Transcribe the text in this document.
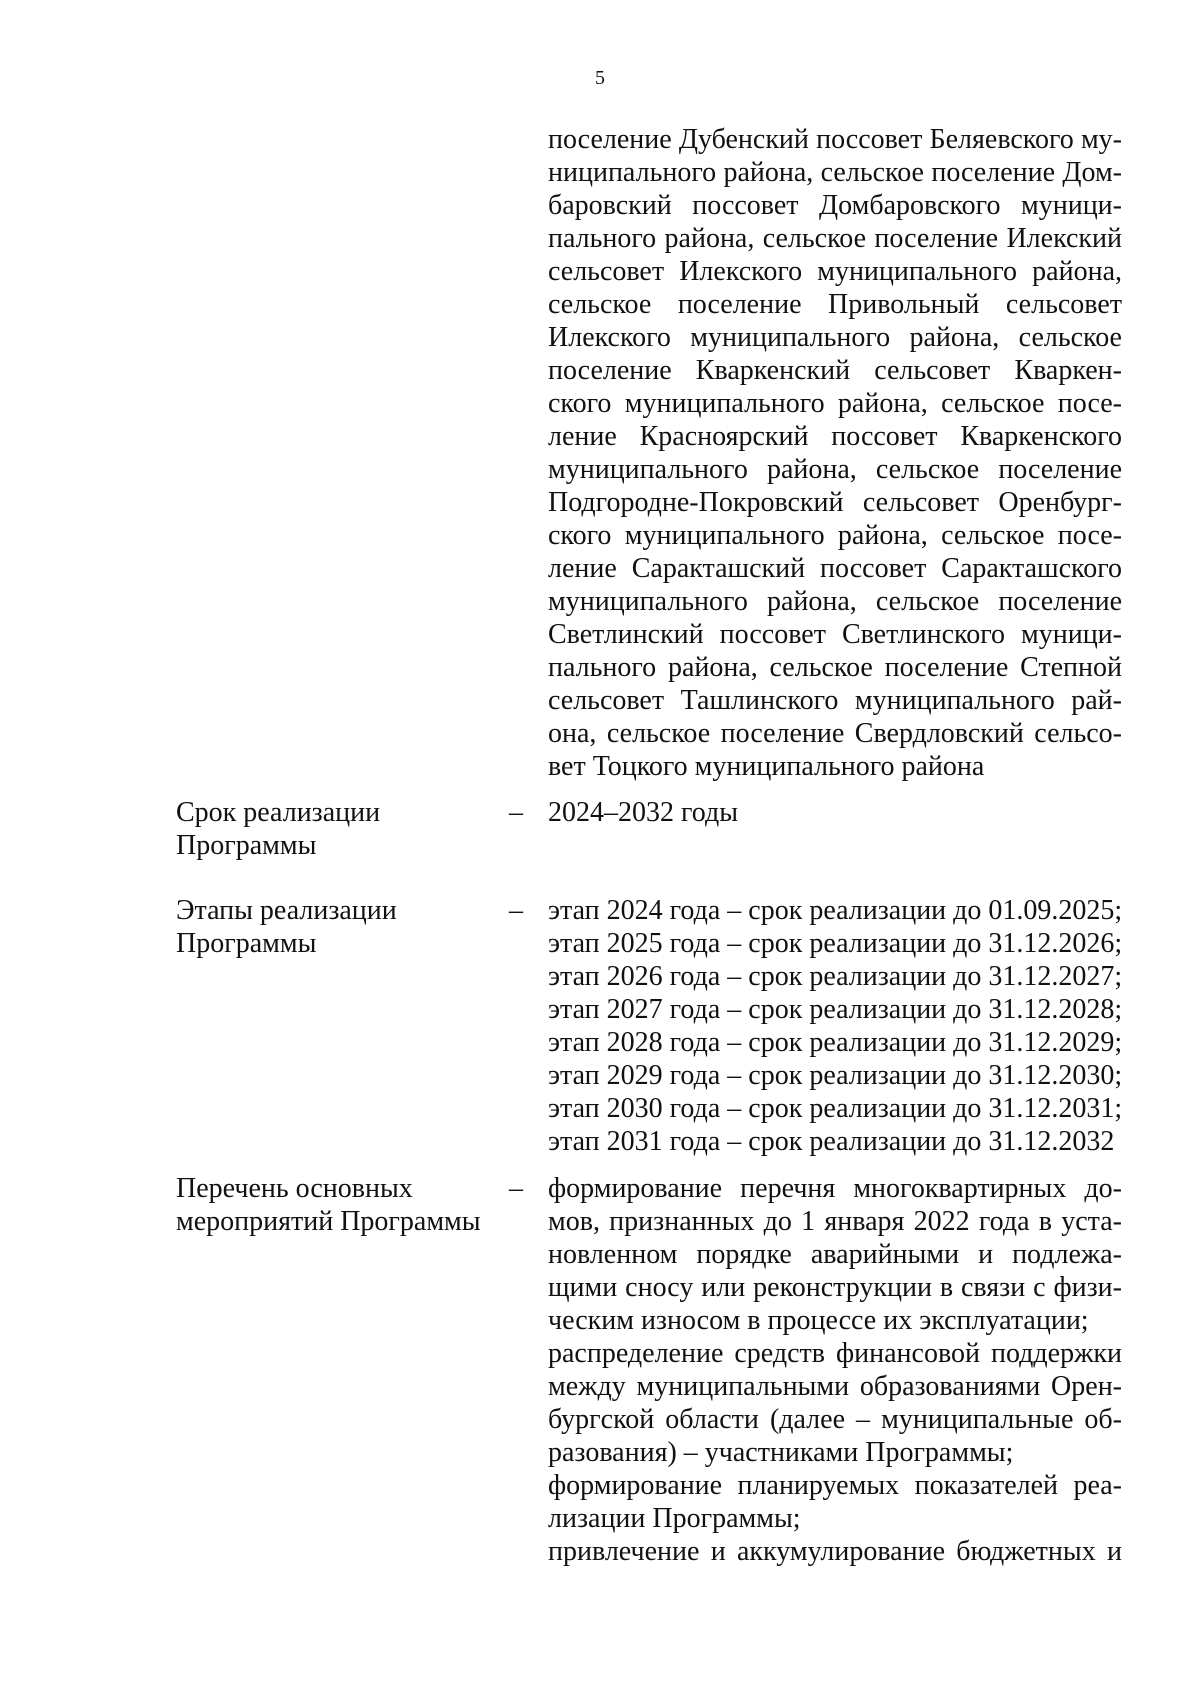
5
поселение Дубенский поссовет Беляевского му-
ниципального района, сельское поселение Дом-
баровский поссовет Домбаровского муници-
пального района, сельское поселение Илекский
сельсовет Илекского муниципального района,
сельское поселение Привольный сельсовет
Илекского муниципального района, сельское
поселение Кваркенский сельсовет Кваркен-
ского муниципального района, сельское посе-
ление Красноярский поссовет Кваркенского
муниципального района, сельское поселение
Подгородне-Покровский сельсовет Оренбург-
ского муниципального района, сельское посе-
ление Саракташский поссовет Саракташского
муниципального района, сельское поселение
Светлинский поссовет Светлинского муници-
пального района, сельское поселение Степной
сельсовет Ташлинского муниципального рай-
она, сельское поселение Свердловский сельсо-
вет Тоцкого муниципального района
Срок реализации
Программы
– 2024–2032 годы
Этапы реализации
Программы
– этап 2024 года – срок реализации до 01.09.2025;
этап 2025 года – срок реализации до 31.12.2026;
этап 2026 года – срок реализации до 31.12.2027;
этап 2027 года – срок реализации до 31.12.2028;
этап 2028 года – срок реализации до 31.12.2029;
этап 2029 года – срок реализации до 31.12.2030;
этап 2030 года – срок реализации до 31.12.2031;
этап 2031 года – срок реализации до 31.12.2032
Перечень основных
мероприятий Программы
– формирование перечня многоквартирных до-
мов, признанных до 1 января 2022 года в уста-
новленном порядке аварийными и подлежа-
щими сносу или реконструкции в связи с физи-
ческим износом в процессе их эксплуатации;
распределение средств финансовой поддержки
между муниципальными образованиями Орен-
бургской области (далее – муниципальные об-
разования) – участниками Программы;
формирование планируемых показателей реа-
лизации Программы;
привлечение и аккумулирование бюджетных и
